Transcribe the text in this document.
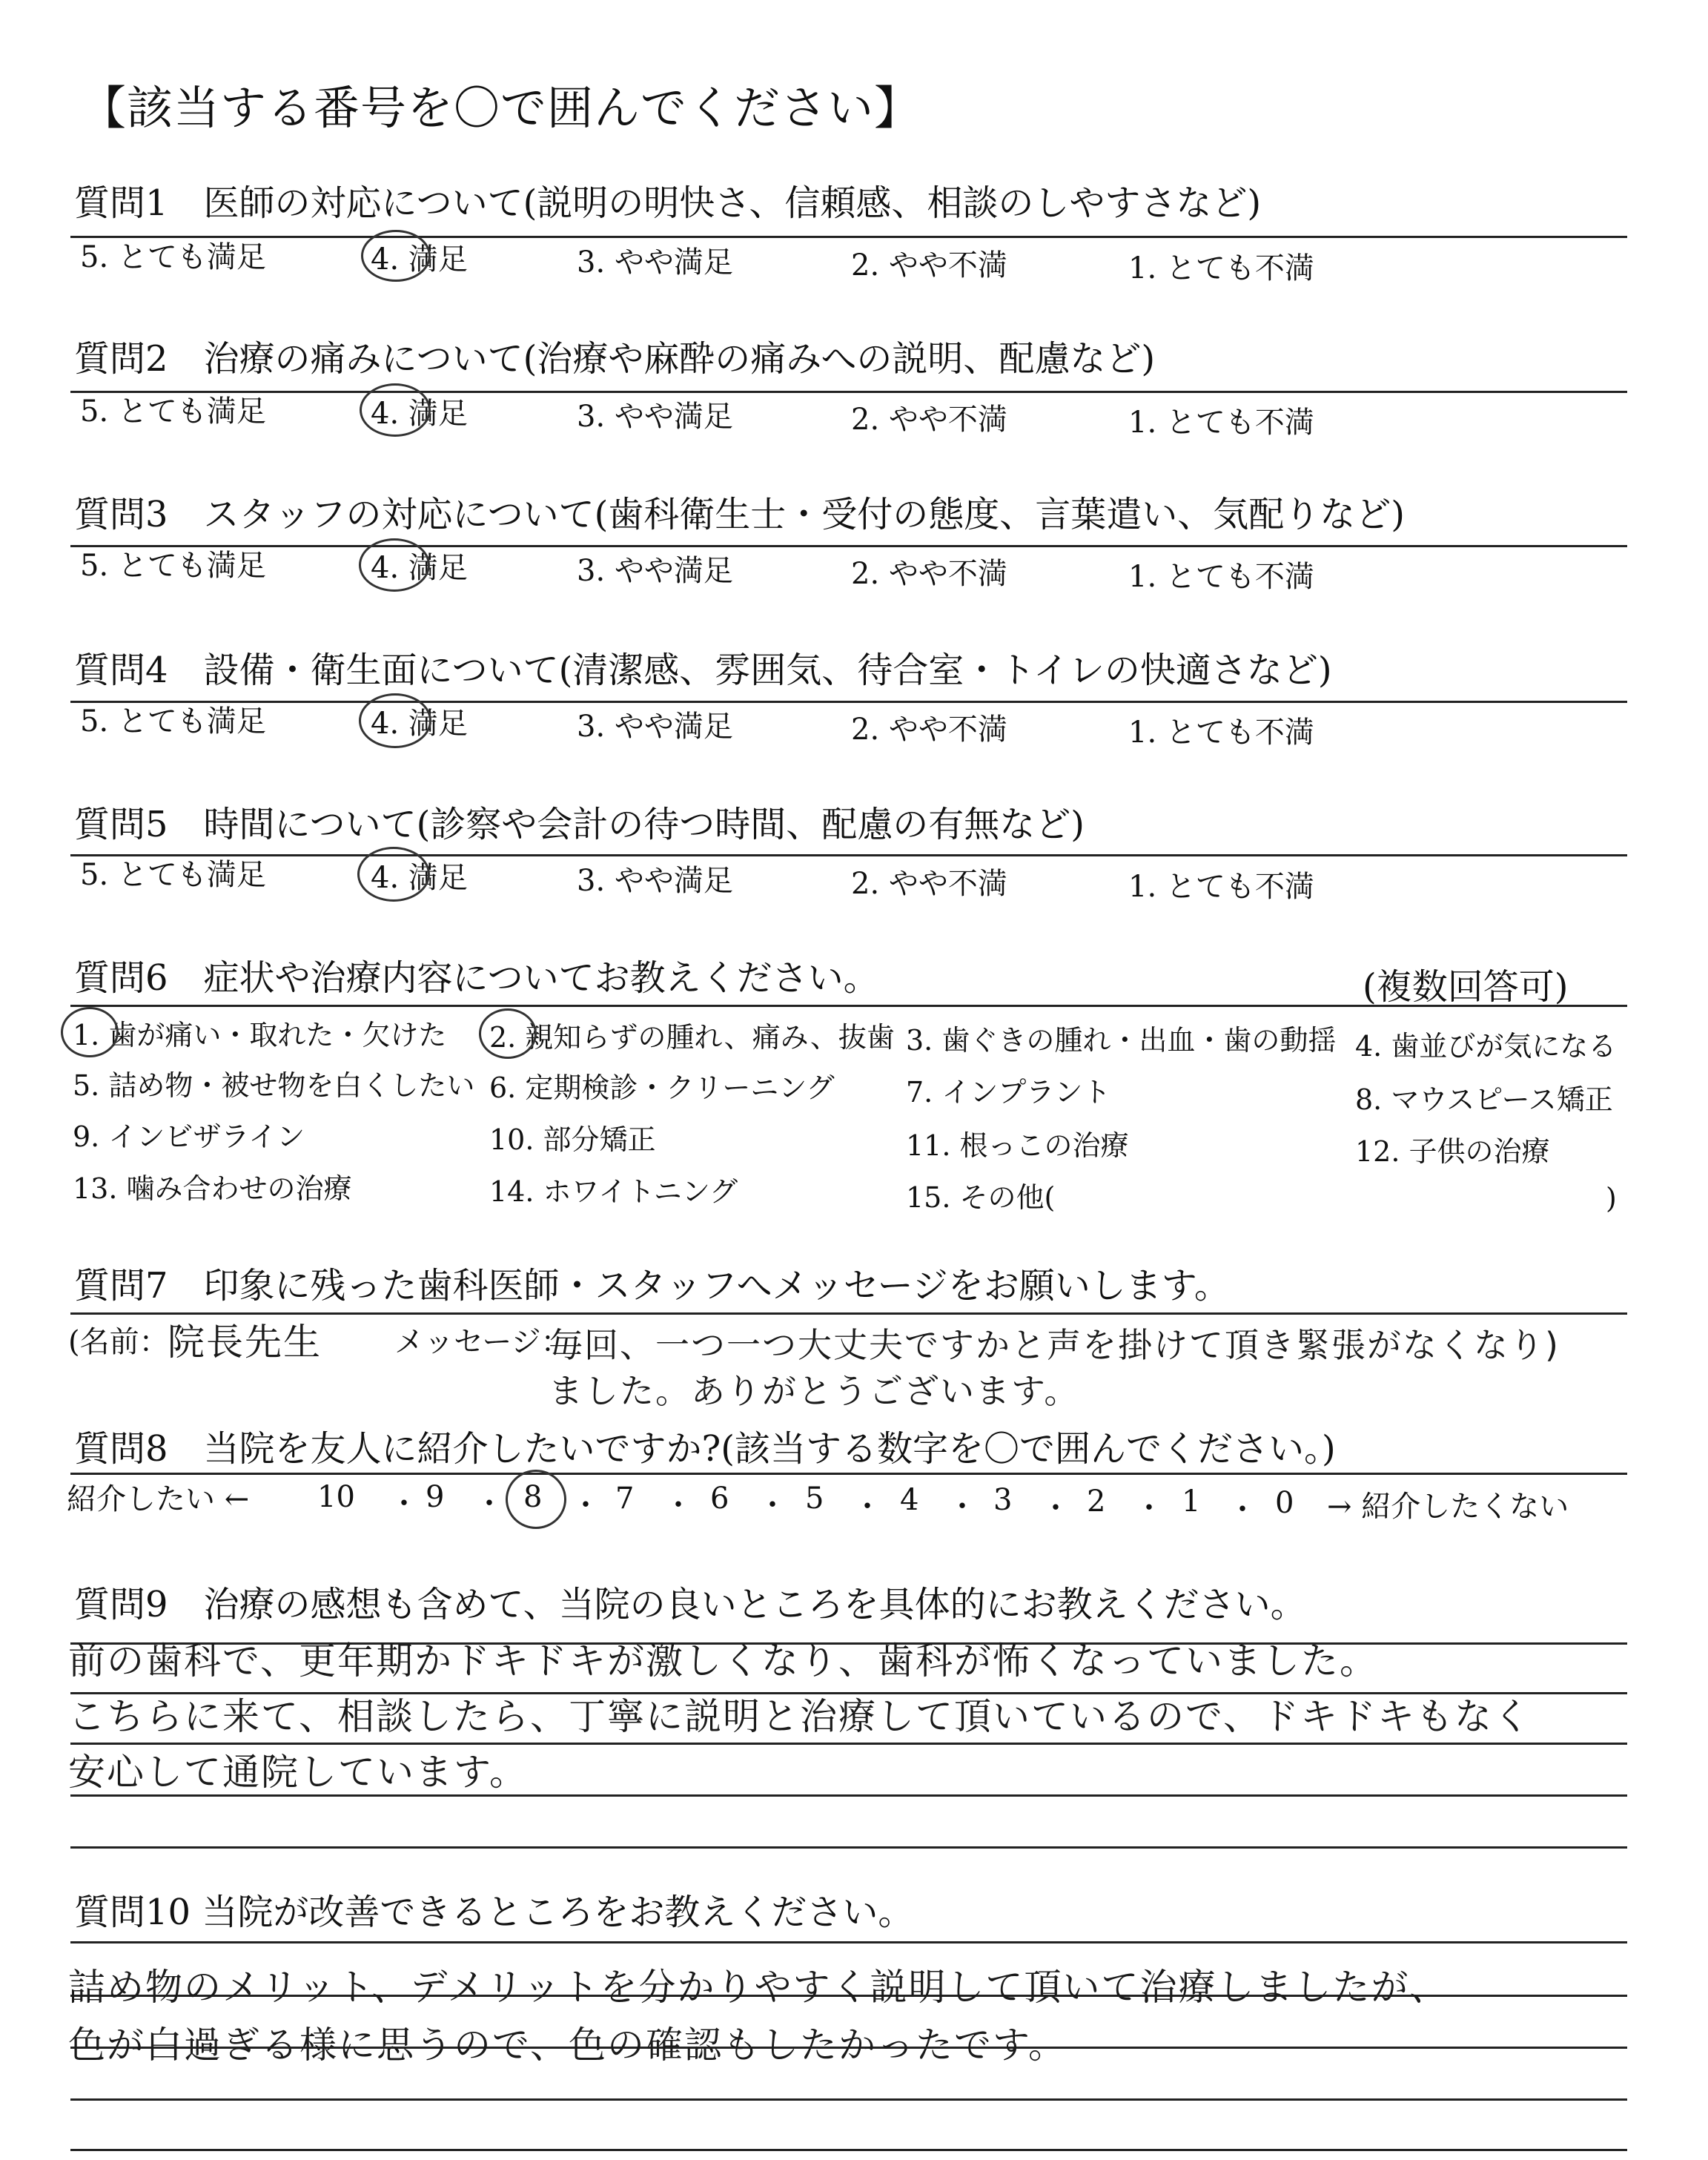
【該当する番号を〇で囲んでください】
質問1　医師の対応について(説明の明快さ、信頼感、相談のしやすさなど)
5. とても満足	4. 満足	3. やや満足	2. やや不満	1. とても不満
質問2　治療の痛みについて(治療や麻酔の痛みへの説明、配慮など)
5. とても満足	4. 満足	3. やや満足	2. やや不満	1. とても不満
質問3　スタッフの対応について(歯科衛生士・受付の態度、言葉遣い、気配りなど)
5. とても満足	4. 満足	3. やや満足	2. やや不満	1. とても不満
質問4　設備・衛生面について(清潔感、雰囲気、待合室・トイレの快適さなど)
5. とても満足	4. 満足	3. やや満足	2. やや不満	1. とても不満
質問5　時間について(診察や会計の待つ時間、配慮の有無など)
5. とても満足	4. 満足	3. やや満足	2. やや不満	1. とても不満
質問6　症状や治療内容についてお教えください。	(複数回答可)
1. 歯が痛い・取れた・欠けた 2. 親知らずの腫れ、痛み、抜歯 3. 歯ぐきの腫れ・出血・歯の動揺 4. 歯並びが気になる
5. 詰め物・被せ物を白くしたい 6. 定期検診・クリーニング	7. インプラント	8. マウスピース矯正
9. インビザライン	10. 部分矯正	11. 根っこの治療	12. 子供の治療
13. 噛み合わせの治療	14. ホワイトニング	15. その他(	)
質問7　印象に残った歯科医師・スタッフへメッセージをお願いします。
(名前：
院長先生 メッセージ：
毎回、一つ一つ大丈夫ですかと声を掛けて頂き緊張がなくなり)
ました。ありがとうございます。
質問8　当院を友人に紹介したいですか?(該当する数字を〇で囲んでください。)
紹介したい ← 10 9	8 7	6	5	4	3	2	1	0
・ ・ ・ ・ ・ ・ ・ ・ ・ ・ → 紹介したくない
質問9　治療の感想も含めて、当院の良いところを具体的にお教えください。
前の歯科で、更年期かドキドキが激しくなり、歯科が怖くなっていました。
こちらに来て、相談したら、丁寧に説明と治療して頂いているので、ドキドキもなく
安心して通院しています。
質問10 当院が改善できるところをお教えください。
詰め物のメリット、デメリットを分かりやすく説明して頂いて治療しましたが、
色が白過ぎる様に思うので、色の確認もしたかったです。
